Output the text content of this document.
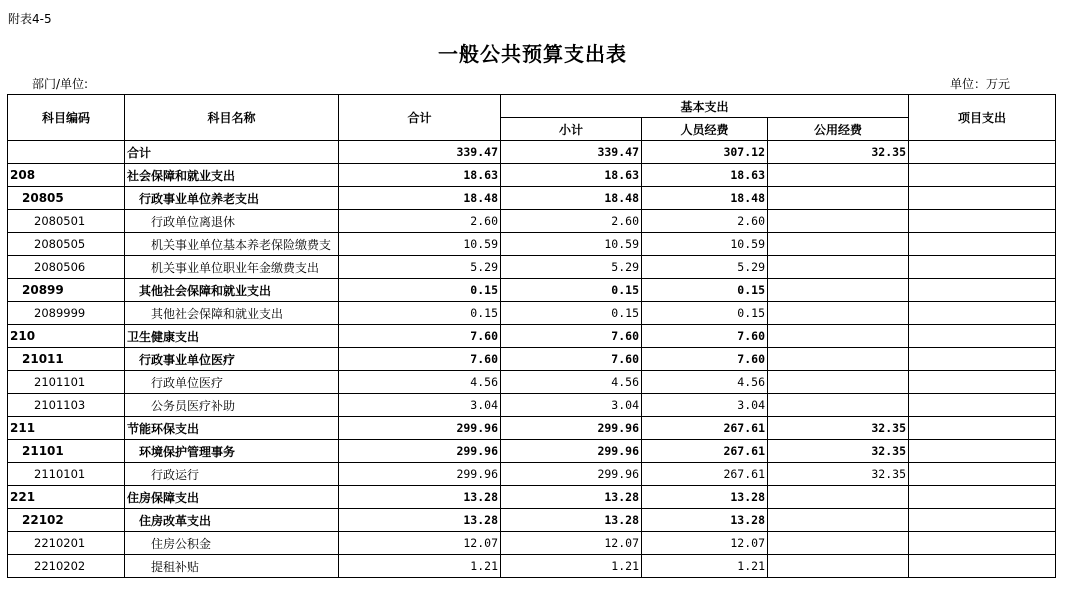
附表4-5
一般公共预算支出表
部门/单位:	单位：万元
科目编码	科目名称	合计	基本支出			项目支出
			小计	人员经费	公用经费	
	合计	339.47	339.47	307.12	32.35	
208	社会保障和就业支出	18.63	18.63	18.63		
20805	行政事业单位养老支出	18.48	18.48	18.48		
2080501	行政单位离退休	2.60	2.60	2.60		
2080505	机关事业单位基本养老保险缴费支	10.59	10.59	10.59		
2080506	机关事业单位职业年金缴费支出	5.29	5.29	5.29		
20899	其他社会保障和就业支出	0.15	0.15	0.15		
2089999	其他社会保障和就业支出	0.15	0.15	0.15		
210	卫生健康支出	7.60	7.60	7.60		
21011	行政事业单位医疗	7.60	7.60	7.60		
2101101	行政单位医疗	4.56	4.56	4.56		
2101103	公务员医疗补助	3.04	3.04	3.04		
211	节能环保支出	299.96	299.96	267.61	32.35	
21101	环境保护管理事务	299.96	299.96	267.61	32.35	
2110101	行政运行	299.96	299.96	267.61	32.35	
221	住房保障支出	13.28	13.28	13.28		
22102	住房改革支出	13.28	13.28	13.28		
2210201	住房公积金	12.07	12.07	12.07		
2210202	提租补贴	1.21	1.21	1.21		
